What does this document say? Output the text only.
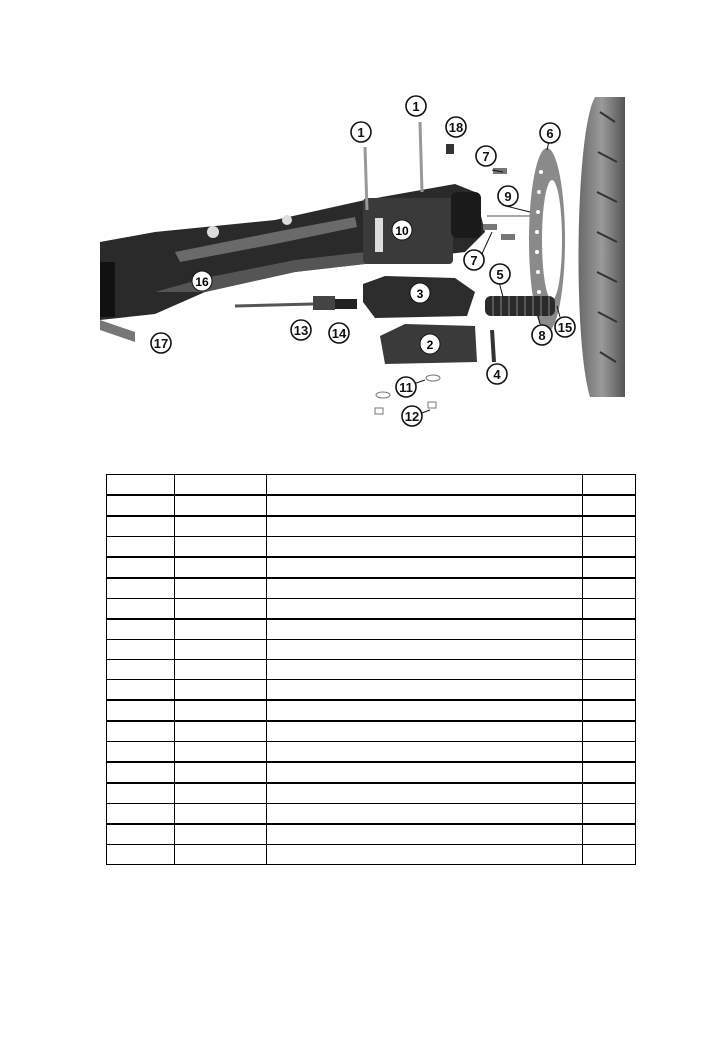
10
16
3
2
1
1
18	6
7
9
7
5
8
15
17
13 14
4
11
12
